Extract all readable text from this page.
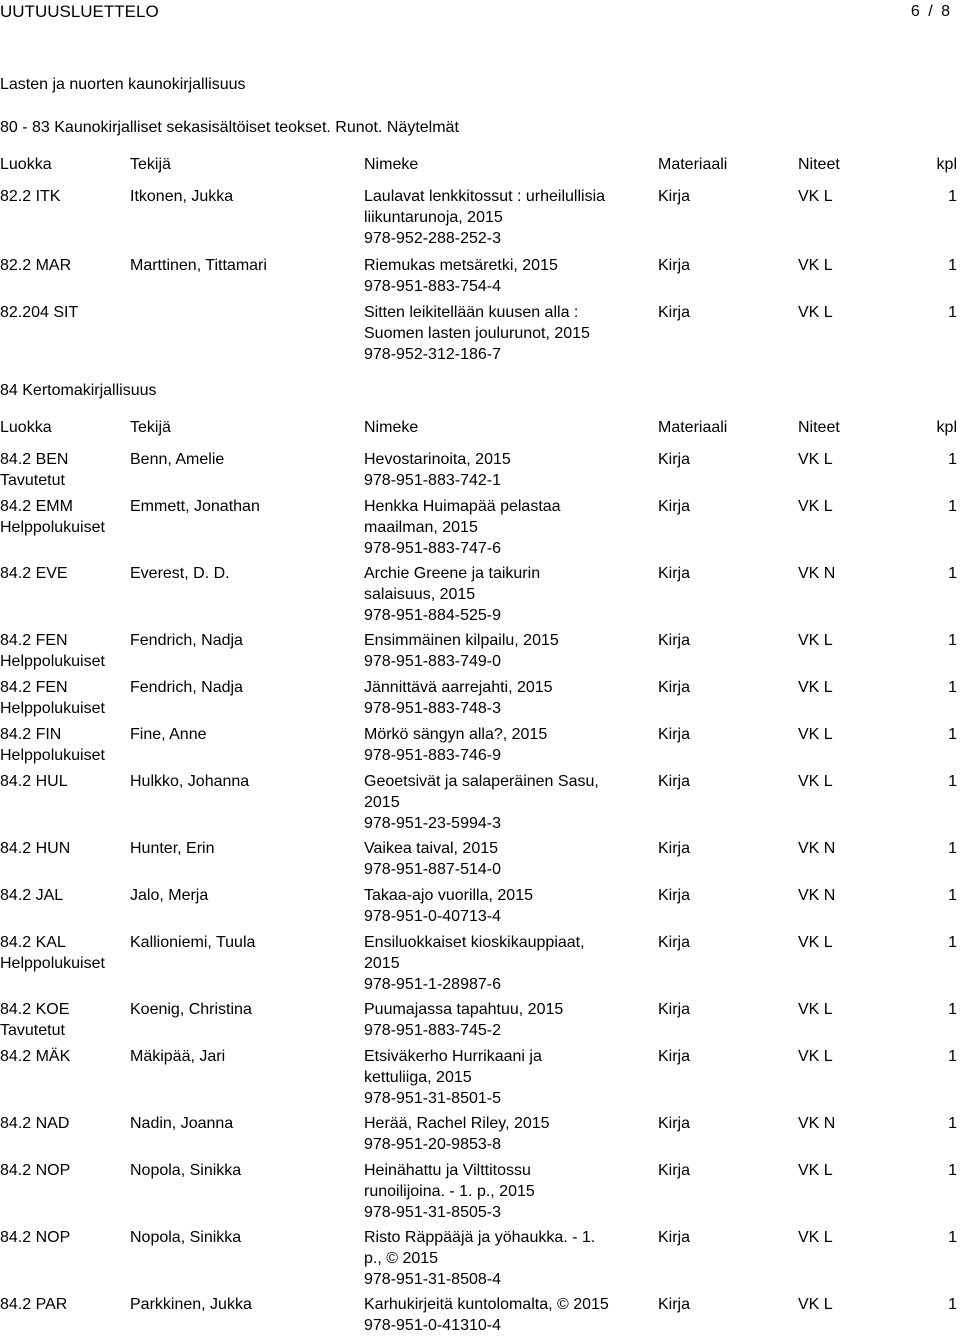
UUTUUSLUETTELO	6 / 8
Lasten ja nuorten kaunokirjallisuus
80 - 83 Kaunokirjalliset sekasisältöiset teokset. Runot. Näytelmät
Luokka	Tekijä	Nimeke	Materiaali	Niteet	kpl
82.2 ITK	Itkonen, Jukka	Laulavat lenkkitossut : urheilullisia
liikuntarunoja, 2015
978-952-288-252-3
Kirja	VK L	1
82.2 MAR	Marttinen, Tittamari	Riemukas metsäretki, 2015
978-951-883-754-4
Kirja	VK L	1
82.204 SIT	Sitten leikitellään kuusen alla :
Suomen lasten joulurunot, 2015
978-952-312-186-7
Kirja	VK L	1
84 Kertomakirjallisuus
Luokka	Tekijä	Nimeke	Materiaali	Niteet	kpl
84.2 BEN
Tavutetut
Benn, Amelie	Hevostarinoita, 2015
978-951-883-742-1
Kirja	VK L	1
84.2 EMM
Helppolukuiset
Emmett, Jonathan	Henkka Huimapää pelastaa
maailman, 2015
978-951-883-747-6
Kirja	VK L	1
84.2 EVE	Everest, D. D.	Archie Greene ja taikurin
salaisuus, 2015
978-951-884-525-9
Kirja	VK N	1
84.2 FEN
Helppolukuiset
Fendrich, Nadja	Ensimmäinen kilpailu, 2015
978-951-883-749-0
Kirja	VK L	1
84.2 FEN
Helppolukuiset
Fendrich, Nadja	Jännittävä aarrejahti, 2015
978-951-883-748-3
Kirja	VK L	1
84.2 FIN
Helppolukuiset
Fine, Anne	Mörkö sängyn alla?, 2015
978-951-883-746-9
Kirja	VK L	1
84.2 HUL	Hulkko, Johanna	Geoetsivät ja salaperäinen Sasu,
2015
978-951-23-5994-3
Kirja	VK L	1
84.2 HUN	Hunter, Erin	Vaikea taival, 2015
978-951-887-514-0
Kirja	VK N	1
84.2 JAL	Jalo, Merja	Takaa-ajo vuorilla, 2015
978-951-0-40713-4
Kirja	VK N	1
84.2 KAL
Helppolukuiset
Kallioniemi, Tuula	Ensiluokkaiset kioskikauppiaat,
2015
978-951-1-28987-6
Kirja	VK L	1
84.2 KOE
Tavutetut
Koenig, Christina	Puumajassa tapahtuu, 2015
978-951-883-745-2
Kirja	VK L	1
84.2 MÄK	Mäkipää, Jari	Etsiväkerho Hurrikaani ja
kettuliiga, 2015
978-951-31-8501-5
Kirja	VK L	1
84.2 NAD	Nadin, Joanna	Herää, Rachel Riley, 2015
978-951-20-9853-8
Kirja	VK N	1
84.2 NOP	Nopola, Sinikka	Heinähattu ja Vilttitossu
runoilijoina. - 1. p., 2015
978-951-31-8505-3
Kirja	VK L	1
84.2 NOP	Nopola, Sinikka	Risto Räppääjä ja yöhaukka. - 1.
p., © 2015
978-951-31-8508-4
Kirja	VK L	1
84.2 PAR	Parkkinen, Jukka	Karhukirjeitä kuntolomalta, © 2015
978-951-0-41310-4
Kirja	VK L	1
